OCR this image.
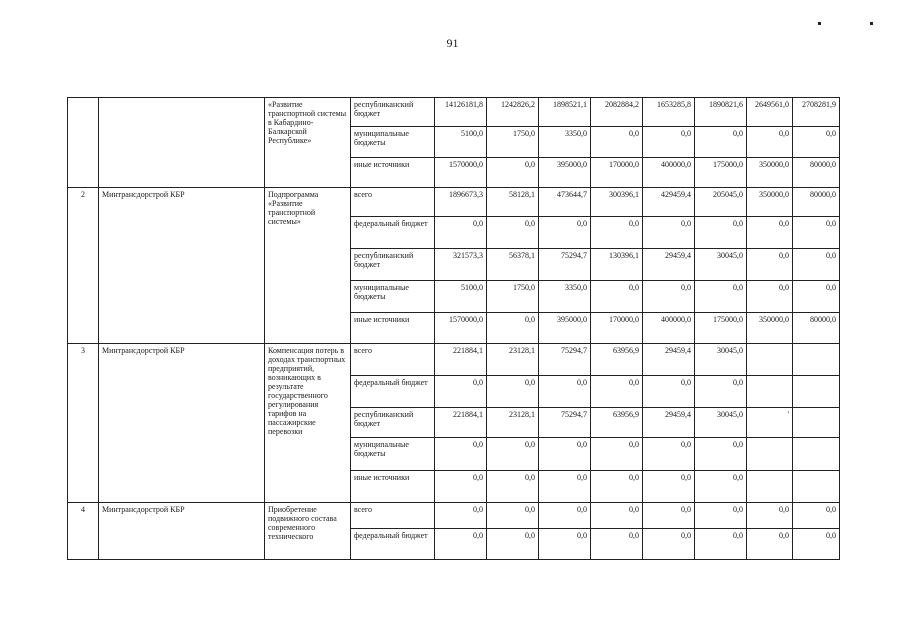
91
		«Развитие транспортной системы в Кабардино-Балкарской Республике»	республиканский бюджет	14126181,8	1242826,2	1898521,1	2082884,2	1653285,8	1890821,6	2649561,0	2708281,9
			муниципальные бюджеты	5100,0	1750,0	3350,0	0,0	0,0	0,0	0,0	0,0
			иные источники	1570000,0	0,0	395000,0	170000,0	400000,0	175000,0	350000,0	80000,0
2	Минтрансдорстрой КБР	Подпрограмма «Развитие транспортной системы»	всего	1896673,3	58128,1	473644,7	300396,1	429459,4	205045,0	350000,0	80000,0
			федеральный бюджет	0,0	0,0	0,0	0,0	0,0	0,0	0,0	0,0
			республиканский бюджет	321573,3	56378,1	75294,7	130396,1	29459,4	30045,0	0,0	0,0
			муниципальные бюджеты	5100,0	1750,0	3350,0	0,0	0,0	0,0	0,0	0,0
			иные источники	1570000,0	0,0	395000,0	170000,0	400000,0	175000,0	350000,0	80000,0
3	Минтрансдорстрой КБР	Компенсация потерь в доходах транспортных предприятий, возникающих в результате государственного регулирования тарифов на пассажирские перевозки	всего	221884,1	23128,1	75294,7	63956,9	29459,4	30045,0		
			федеральный бюджет	0,0	0,0	0,0	0,0	0,0	0,0		
			республиканский бюджет	221884,1	23128,1	75294,7	63956,9	29459,4	30045,0	'	
			муниципальные бюджеты	0,0	0,0	0,0	0,0	0,0	0,0		
			иные источники	0,0	0,0	0,0	0,0	0,0	0,0		
4	Минтрансдорстрой КБР	Приобретение подвижного состава современного технического	всего	0,0	0,0	0,0	0,0	0,0	0,0	0,0	0,0
			федеральный бюджет	0,0	0,0	0,0	0,0	0,0	0,0	0,0	0,0
